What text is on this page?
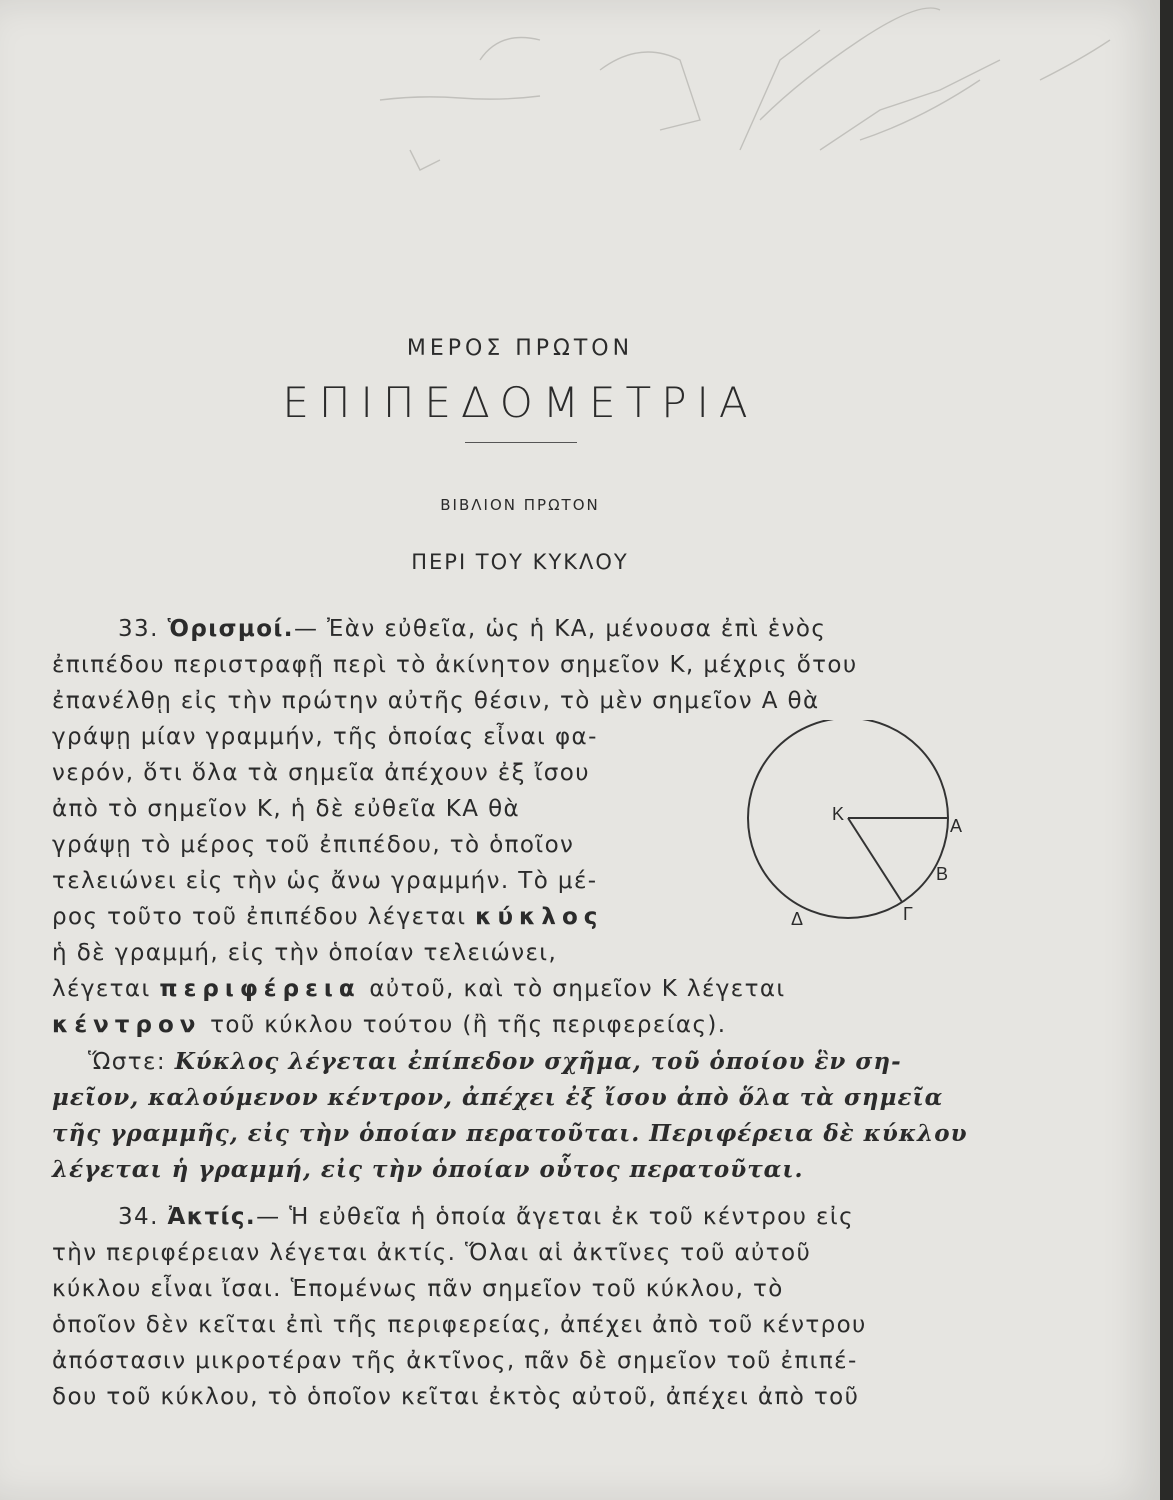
ΜΕΡΟΣ ΠΡΩΤΟΝ
ΕΠΙΠΕΔΟΜΕΤΡΙΑ
ΒΙΒΛΙΟΝ ΠΡΩΤΟΝ
ΠΕΡΙ ΤΟΥ ΚΥΚΛΟΥ
33. Ὁρισμοί.— Ἐὰν εὐθεῖα, ὡς ἡ ΚΑ, μένουσα ἐπὶ ἑνὸς
ἐπιπέδου περιστραφῇ περὶ τὸ ἀκίνητον σημεῖον Κ, μέχρις ὅτου
ἐπανέλθῃ εἰς τὴν πρώτην αὐτῆς θέσιν, τὸ μὲν σημεῖον Α θὰ
γράψῃ μίαν γραμμήν, τῆς ὁποίας εἶναι φα-
νερόν, ὅτι ὅλα τὰ σημεῖα ἀπέχουν ἐξ ἴσου
ἀπὸ τὸ σημεῖον Κ, ἡ δὲ εὐθεῖα ΚΑ θὰ
γράψῃ τὸ μέρος τοῦ ἐπιπέδου, τὸ ὁποῖον
τελειώνει εἰς τὴν ὡς ἄνω γραμμήν. Τὸ μέ-
ρος τοῦτο τοῦ ἐπιπέδου λέγεται κύκλος
ἡ δὲ γραμμή, εἰς τὴν ὁποίαν τελειώνει,
λέγεται περιφέρεια αὐτοῦ, καὶ τὸ σημεῖον Κ λέγεται
κέντρον τοῦ κύκλου τούτου (ἢ τῆς περιφερείας).
Ὥστε: Κύκλος λέγεται ἐπίπεδον σχῆμα, τοῦ ὁποίου ἓν ση-
μεῖον, καλούμενον κέντρον, ἀπέχει ἐξ ἴσου ἀπὸ ὅλα τὰ σημεῖα
τῆς γραμμῆς, εἰς τὴν ὁποίαν περατοῦται. Περιφέρεια δὲ κύκλου
λέγεται ἡ γραμμή, εἰς τὴν ὁποίαν οὗτος περατοῦται.
34. Ἀκτίς.— Ἡ εὐθεῖα ἡ ὁποία ἄγεται ἐκ τοῦ κέντρου εἰς
τὴν περιφέρειαν λέγεται ἀκτίς. Ὅλαι αἱ ἀκτῖνες τοῦ αὐτοῦ
κύκλου εἶναι ἴσαι. Ἑπομένως πᾶν σημεῖον τοῦ κύκλου, τὸ
ὁποῖον δὲν κεῖται ἐπὶ τῆς περιφερείας, ἀπέχει ἀπὸ τοῦ κέντρου
ἀπόστασιν μικροτέραν τῆς ἀκτῖνος, πᾶν δὲ σημεῖον τοῦ ἐπιπέ-
δου τοῦ κύκλου, τὸ ὁποῖον κεῖται ἐκτὸς αὐτοῦ, ἀπέχει ἀπὸ τοῦ
Κ
Α
Β
Γ
Δ
